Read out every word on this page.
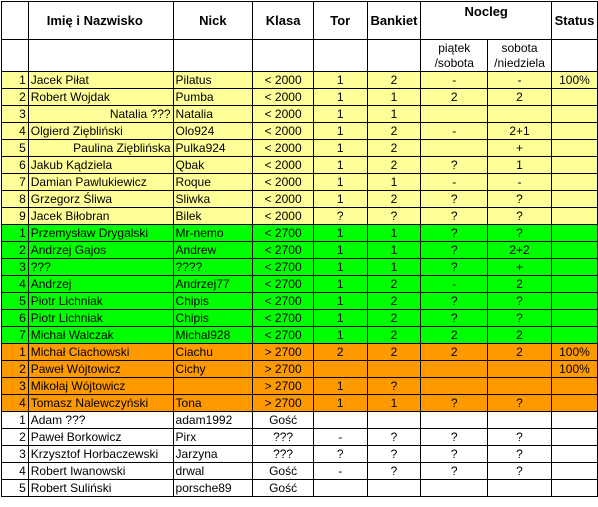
	Imię i Nazwisko	Nick	Klasa	Tor	Bankiet	Nocleg		Status
						piątek /sobota	sobota /niedziela	
1	Jacek Piłat	Pilatus	< 2000	1	2	-	-	100%
2	Robert Wojdak	Pumba	< 2000	1	1	2	2	
3	Natalia ???	Natalia	< 2000	1	1			
4	Olgierd Ziębliński	Olo924	< 2000	1	2	-	2+1	
5	Paulina Zięblińska	Pulka924	< 2000	1	2		+	
6	Jakub Kądziela	Qbak	< 2000	1	2	?	1	
7	Damian Pawlukiewicz	Roque	< 2000	1	1	-	-	
8	Grzegorz Śliwa	Sliwka	< 2000	1	2	?	?	
9	Jacek Biłobran	Bilek	< 2000	?	?	?	?	
1	Przemysław Drygalski	Mr-nemo	< 2700	1	1	?	?	
2	Andrzej Gajos	Andrew	< 2700	1	1	?	2+2	
3	???	????	< 2700	1	1	?	+	
4	Andrzej	Andrzej77	< 2700	1	2	-	2	
5	Piotr Lichniak	Chipis	< 2700	1	2	?	?	
6	Piotr Lichniak	Chipis	< 2700	1	2	?	?	
7	Michał Walczak	Michal928	< 2700	1	2	2	2	
1	Michał Ciachowski	Ciachu	> 2700	2	2	2	2	100%
2	Paweł Wójtowicz	Cichy	> 2700					100%
3	Mikołaj Wójtowicz		> 2700	1	?			
4	Tomasz Nalewczyński	Tona	> 2700	1	1	?	?	
1	Adam ???	adam1992	Gość					
2	Paweł Borkowicz	Pirx	???	-	?	?	?	
3	Krzysztof Horbaczewski	Jarzyna	???	?	?	?	?	
4	Robert Iwanowski	drwal	Gość	-	?	?	?	
5	Robert Suliński	porsche89	Gość					
